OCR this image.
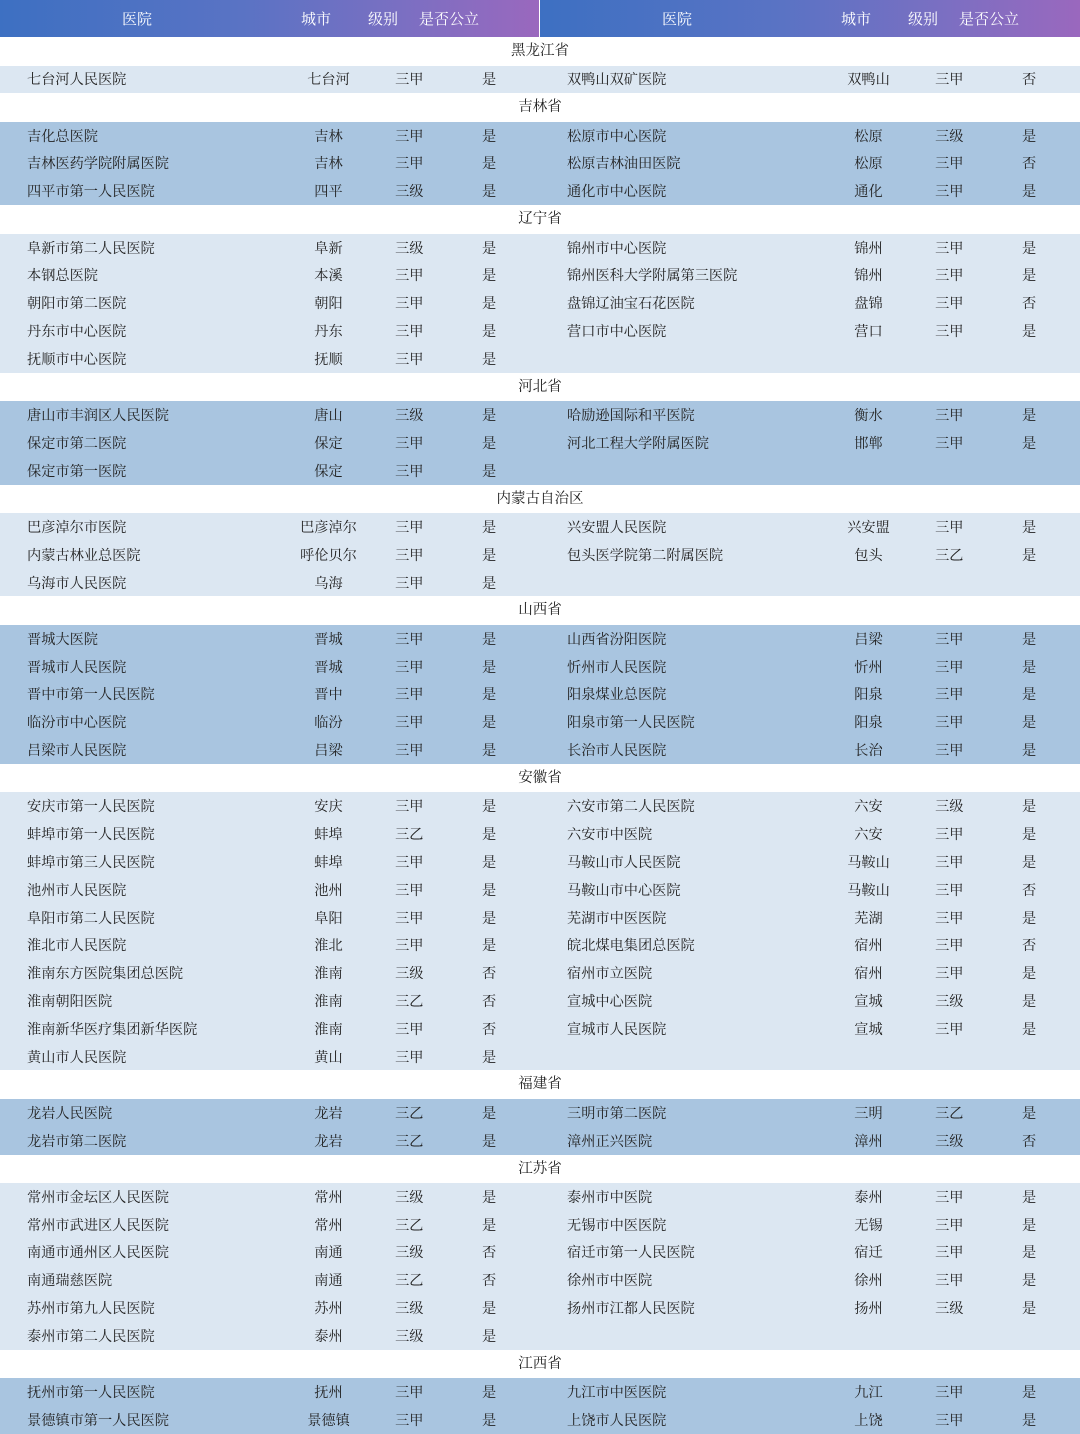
医院	城市	级别	是否公立	医院	城市	级别	是否公立
黑龙江省
七台河人民医院	七台河	三甲	是	双鸭山双矿医院	双鸭山	三甲	否
吉林省
吉化总医院	吉林	三甲	是	松原市中心医院	松原	三级	是
吉林医药学院附属医院	吉林	三甲	是	松原吉林油田医院	松原	三甲	否
四平市第一人民医院	四平	三级	是	通化市中心医院	通化	三甲	是
辽宁省
阜新市第二人民医院	阜新	三级	是	锦州市中心医院	锦州	三甲	是
本钢总医院	本溪	三甲	是	锦州医科大学附属第三医院	锦州	三甲	是
朝阳市第二医院	朝阳	三甲	是	盘锦辽油宝石花医院	盘锦	三甲	否
丹东市中心医院	丹东	三甲	是	营口市中心医院	营口	三甲	是
抚顺市中心医院	抚顺	三甲	是
河北省
唐山市丰润区人民医院	唐山	三级	是	哈励逊国际和平医院	衡水	三甲	是
保定市第二医院	保定	三甲	是	河北工程大学附属医院	邯郸	三甲	是
保定市第一医院	保定	三甲	是
内蒙古自治区
巴彦淖尔市医院	巴彦淖尔	三甲	是	兴安盟人民医院	兴安盟	三甲	是
内蒙古林业总医院	呼伦贝尔	三甲	是	包头医学院第二附属医院	包头	三乙	是
乌海市人民医院	乌海	三甲	是
山西省
晋城大医院	晋城	三甲	是	山西省汾阳医院	吕梁	三甲	是
晋城市人民医院	晋城	三甲	是	忻州市人民医院	忻州	三甲	是
晋中市第一人民医院	晋中	三甲	是	阳泉煤业总医院	阳泉	三甲	是
临汾市中心医院	临汾	三甲	是	阳泉市第一人民医院	阳泉	三甲	是
吕梁市人民医院	吕梁	三甲	是	长治市人民医院	长治	三甲	是
安徽省
安庆市第一人民医院	安庆	三甲	是	六安市第二人民医院	六安	三级	是
蚌埠市第一人民医院	蚌埠	三乙	是	六安市中医院	六安	三甲	是
蚌埠市第三人民医院	蚌埠	三甲	是	马鞍山市人民医院	马鞍山	三甲	是
池州市人民医院	池州	三甲	是	马鞍山市中心医院	马鞍山	三甲	否
阜阳市第二人民医院	阜阳	三甲	是	芜湖市中医医院	芜湖	三甲	是
淮北市人民医院	淮北	三甲	是	皖北煤电集团总医院	宿州	三甲	否
淮南东方医院集团总医院	淮南	三级	否	宿州市立医院	宿州	三甲	是
淮南朝阳医院	淮南	三乙	否	宣城中心医院	宣城	三级	是
淮南新华医疗集团新华医院	淮南	三甲	否	宣城市人民医院	宣城	三甲	是
黄山市人民医院	黄山	三甲	是
福建省
龙岩人民医院	龙岩	三乙	是	三明市第二医院	三明	三乙	是
龙岩市第二医院	龙岩	三乙	是	漳州正兴医院	漳州	三级	否
江苏省
常州市金坛区人民医院	常州	三级	是	泰州市中医院	泰州	三甲	是
常州市武进区人民医院	常州	三乙	是	无锡市中医医院	无锡	三甲	是
南通市通州区人民医院	南通	三级	否	宿迁市第一人民医院	宿迁	三甲	是
南通瑞慈医院	南通	三乙	否	徐州市中医院	徐州	三甲	是
苏州市第九人民医院	苏州	三级	是	扬州市江都人民医院	扬州	三级	是
泰州市第二人民医院	泰州	三级	是
江西省
抚州市第一人民医院	抚州	三甲	是	九江市中医医院	九江	三甲	是
景德镇市第一人民医院	景德镇	三甲	是	上饶市人民医院	上饶	三甲	是
